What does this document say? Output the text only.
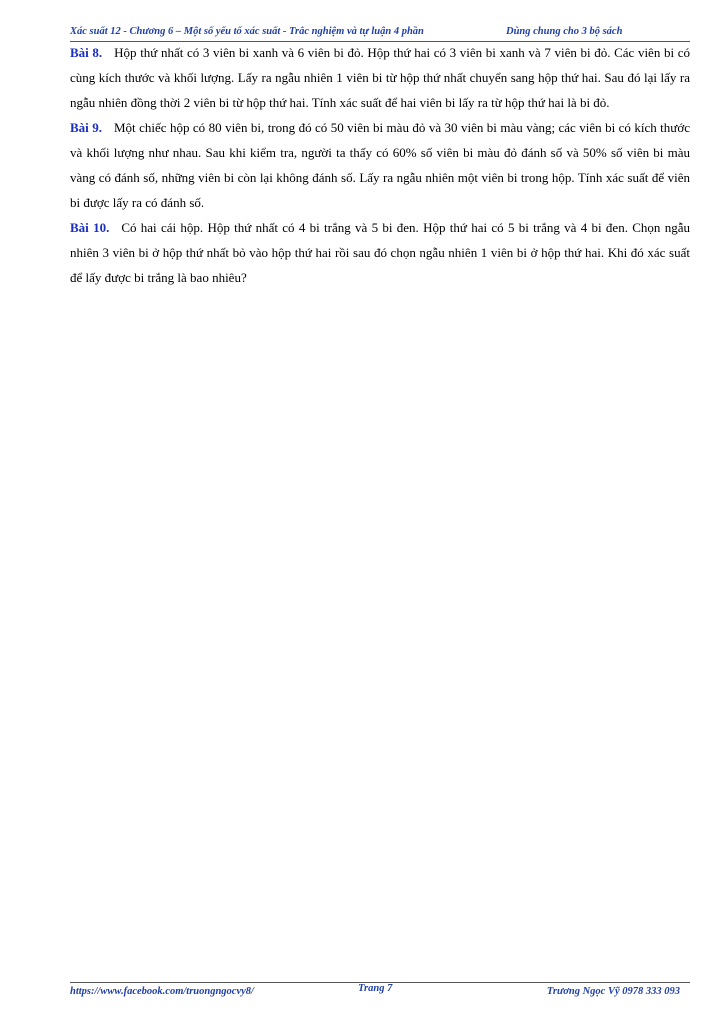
Xác suất 12 - Chương 6 – Một số yếu tố xác suất - Trắc nghiệm và tự luận 4 phần	Dùng chung cho 3 bộ sách

Bài 8. Hộp thứ nhất có 3 viên bi xanh và 6 viên bi đỏ. Hộp thứ hai có 3 viên bi xanh và 7 viên bi đỏ. Các viên bi có cùng kích thước và khối lượng. Lấy ra ngẫu nhiên 1 viên bi từ hộp thứ nhất chuyển sang hộp thứ hai. Sau đó lại lấy ra ngẫu nhiên đồng thời 2 viên bi từ hộp thứ hai. Tính xác suất để hai viên bi lấy ra từ hộp thứ hai là bi đỏ.

Bài 9. Một chiếc hộp có 80 viên bi, trong đó có 50 viên bi màu đỏ và 30 viên bi màu vàng; các viên bi có kích thước và khối lượng như nhau. Sau khi kiểm tra, người ta thấy có 60% số viên bi màu đỏ đánh số và 50% số viên bi màu vàng có đánh số, những viên bi còn lại không đánh số. Lấy ra ngẫu nhiên một viên bi trong hộp. Tính xác suất để viên bi được lấy ra có đánh số.

Bài 10. Có hai cái hộp. Hộp thứ nhất có 4 bi trắng và 5 bi đen. Hộp thứ hai có 5 bi trắng và 4 bi đen. Chọn ngẫu nhiên 3 viên bi ở hộp thứ nhất bỏ vào hộp thứ hai rồi sau đó chọn ngẫu nhiên 1 viên bi ở hộp thứ hai. Khi đó xác suất để lấy được bi trắng là bao nhiêu?

https://www.facebook.com/truongngocvy8/	Trang 7	Trương Ngọc Vỹ 0978 333 093
